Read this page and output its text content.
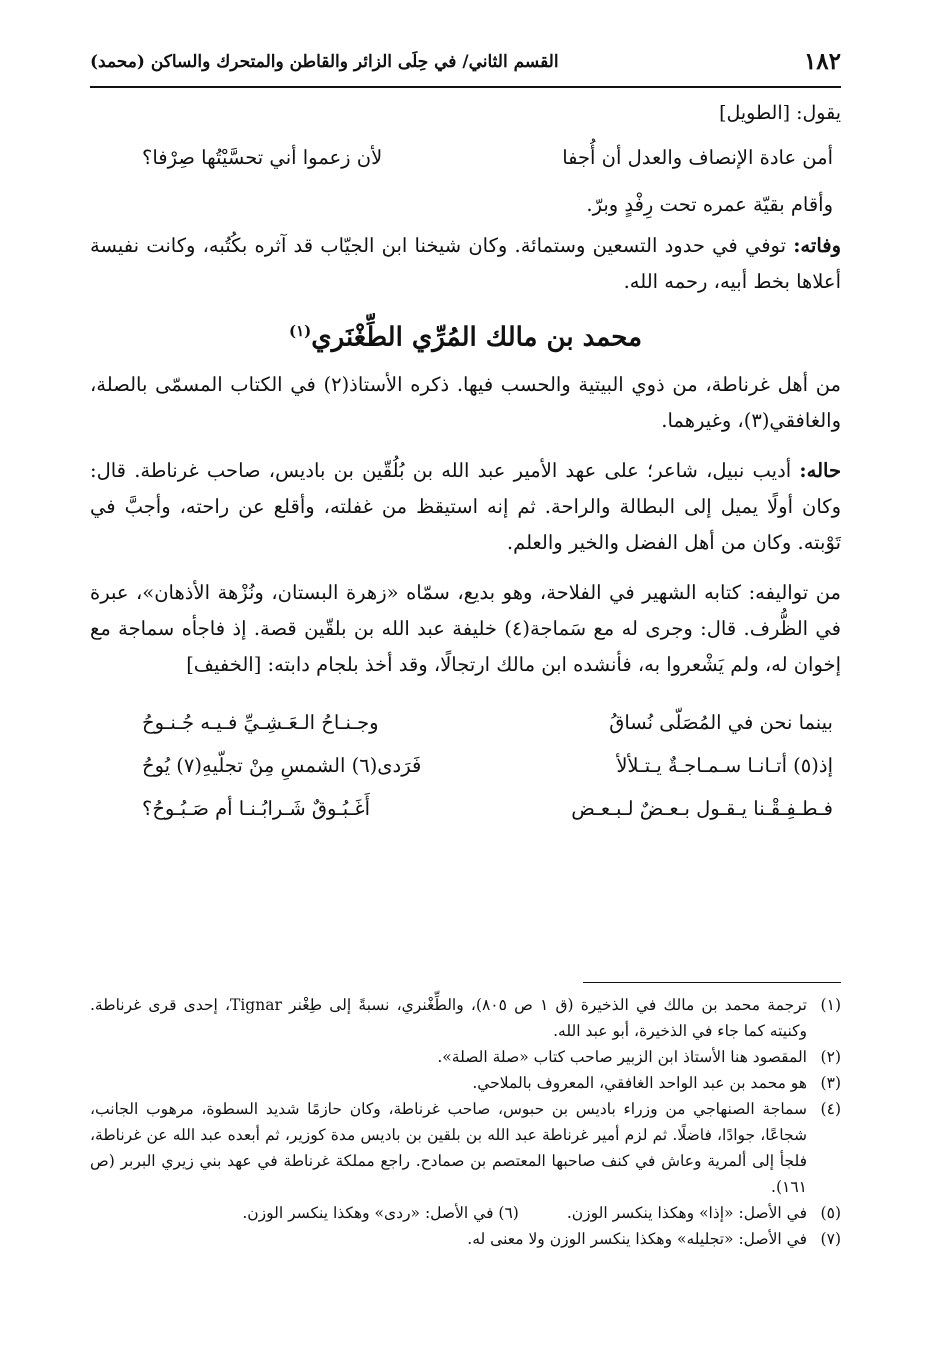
١٨٢
القسم الثاني/ في حِلَى الزائر والقاطن والمتحرك والساكن (محمد)
يقول: [الطويل]
أمن عادة الإنصاف والعدل أن أُجفا
لأن زعموا أني تحسَّيْتُها صِرْفا؟
وأقام بقيّة عمره تحت رِفْدٍ وبرّ.

وفاته: توفي في حدود التسعين وستمائة. وكان شيخنا ابن الجيّاب قد آثره بكُتُبه، وكانت نفيسة أعلاها بخط أبيه، رحمه الله.

محمد بن مالك المُرِّي الطِّغْنَري$^{(١)}$

من أهل غرناطة، من ذوي البيتية والحسب فيها. ذكره الأستاذ(٢) في الكتاب المسمّى بالصلة، والغافقي(٣)، وغيرهما.

حاله: أديب نبيل، شاعر؛ على عهد الأمير عبد الله بن بُلُقّين بن باديس، صاحب غرناطة. قال: وكان أولًا يميل إلى البطالة والراحة. ثم إنه استيقظ من غفلته، وأقلع عن راحته، وأجبَّ في تَوْبته. وكان من أهل الفضل والخير والعلم.

من تواليفه: كتابه الشهير في الفلاحة، وهو بديع، سمّاه «زهرة البستان، ونُزْهة الأذهان»، عبرة في الظُّرف. قال: وجرى له مع سَماجة(٤) خليفة عبد الله بن بلقّين قصة. إذ فاجأه سماجة مع إخوان له، ولم يَشْعروا به، فأنشده ابن مالك ارتجالًا، وقد أخذ بلجام دابته: [الخفيف]

بينما نحن في المُصَلّى نُساقُ
وجـنـاحُ الـعَـشِـيِّ فـيـه جُـنـوحُ
إذ(٥) أتـانـا سـمـاجـةٌ يـتـلألأ
فَرَدى(٦) الشمسِ مِنْ تجلّيهِ(٧) يُوحُ
فـطـفِـقْـنا يـقـول بـعـضٌ لـبـعـض
أَغَـبُـوقٌ شَـرابُـنـا أم صَـبُـوحُ؟
(١)
ترجمة محمد بن مالك في الذخيرة (ق ١ ص ٨٠٥)، والطِّغْنري، نسبةً إلى طِغْنر Tignar، إحدى قرى غرناطة. وكنيته كما جاء في الذخيرة، أبو عبد الله.
(٢)
المقصود هنا الأستاذ ابن الزبير صاحب كتاب «صلة الصلة».
(٣)
هو محمد بن عبد الواحد الغافقي، المعروف بالملاحي.
(٤)
سماجة الصنهاجي من وزراء باديس بن حبوس، صاحب غرناطة، وكان حازمًا شديد السطوة، مرهوب الجانب، شجاعًا، جوادًا، فاضلًا. ثم لزم أمير غرناطة عبد الله بن بلقين بن باديس مدة كوزير، ثم أبعده عبد الله عن غرناطة، فلجأ إلى ألمرية وعاش في كنف صاحبها المعتصم بن صمادح. راجع مملكة غرناطة في عهد بني زيري البربر (ص ١٦١).
(٥)
في الأصل: «إذا» وهكذا ينكسر الوزن.
(٦) في الأصل: «ردى» وهكذا ينكسر الوزن.
(٧)
في الأصل: «تجليله» وهكذا ينكسر الوزن ولا معنى له.
